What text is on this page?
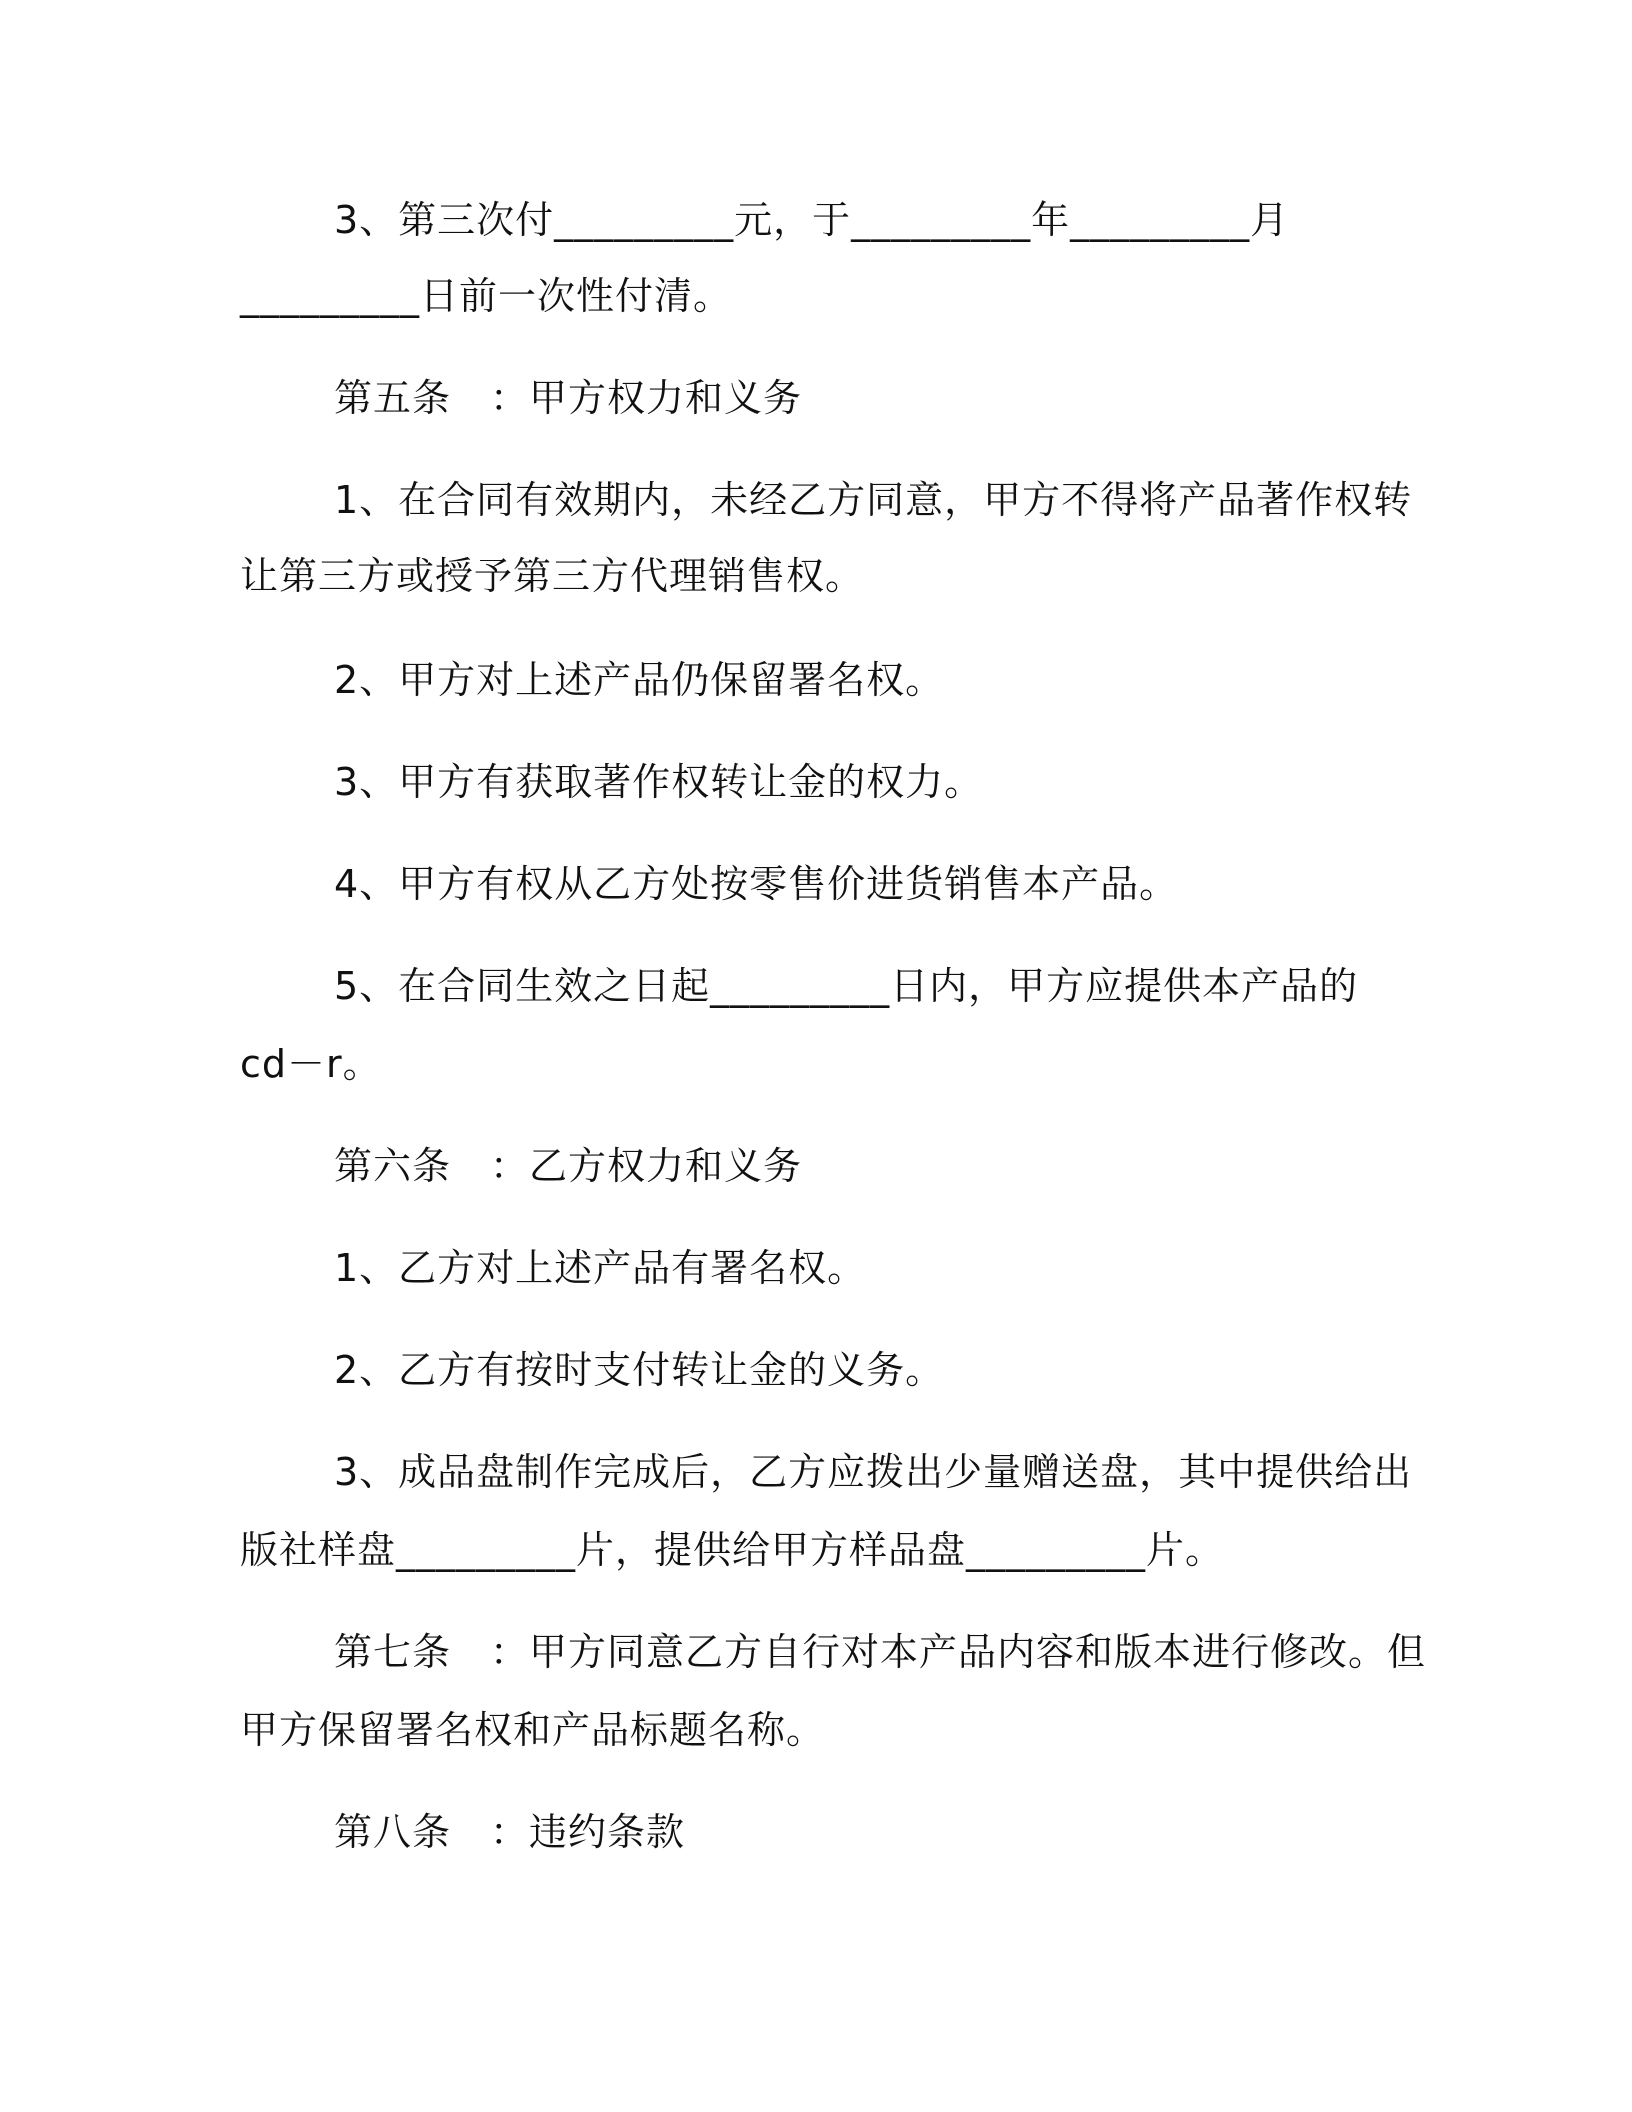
3、第三次付_________元，于_________年_________月
_________日前一次性付清。
第五条　：甲方权力和义务
1、在合同有效期内，未经乙方同意，甲方不得将产品著作权转
让第三方或授予第三方代理销售权。
2、甲方对上述产品仍保留署名权。
3、甲方有获取著作权转让金的权力。
4、甲方有权从乙方处按零售价进货销售本产品。
5、在合同生效之日起_________日内，甲方应提供本产品的
cd－r。
第六条　：乙方权力和义务
1、乙方对上述产品有署名权。
2、乙方有按时支付转让金的义务。
3、成品盘制作完成后，乙方应拨出少量赠送盘，其中提供给出
版社样盘_________片，提供给甲方样品盘_________片。
第七条　：甲方同意乙方自行对本产品内容和版本进行修改。但
甲方保留署名权和产品标题名称。
第八条　：违约条款
